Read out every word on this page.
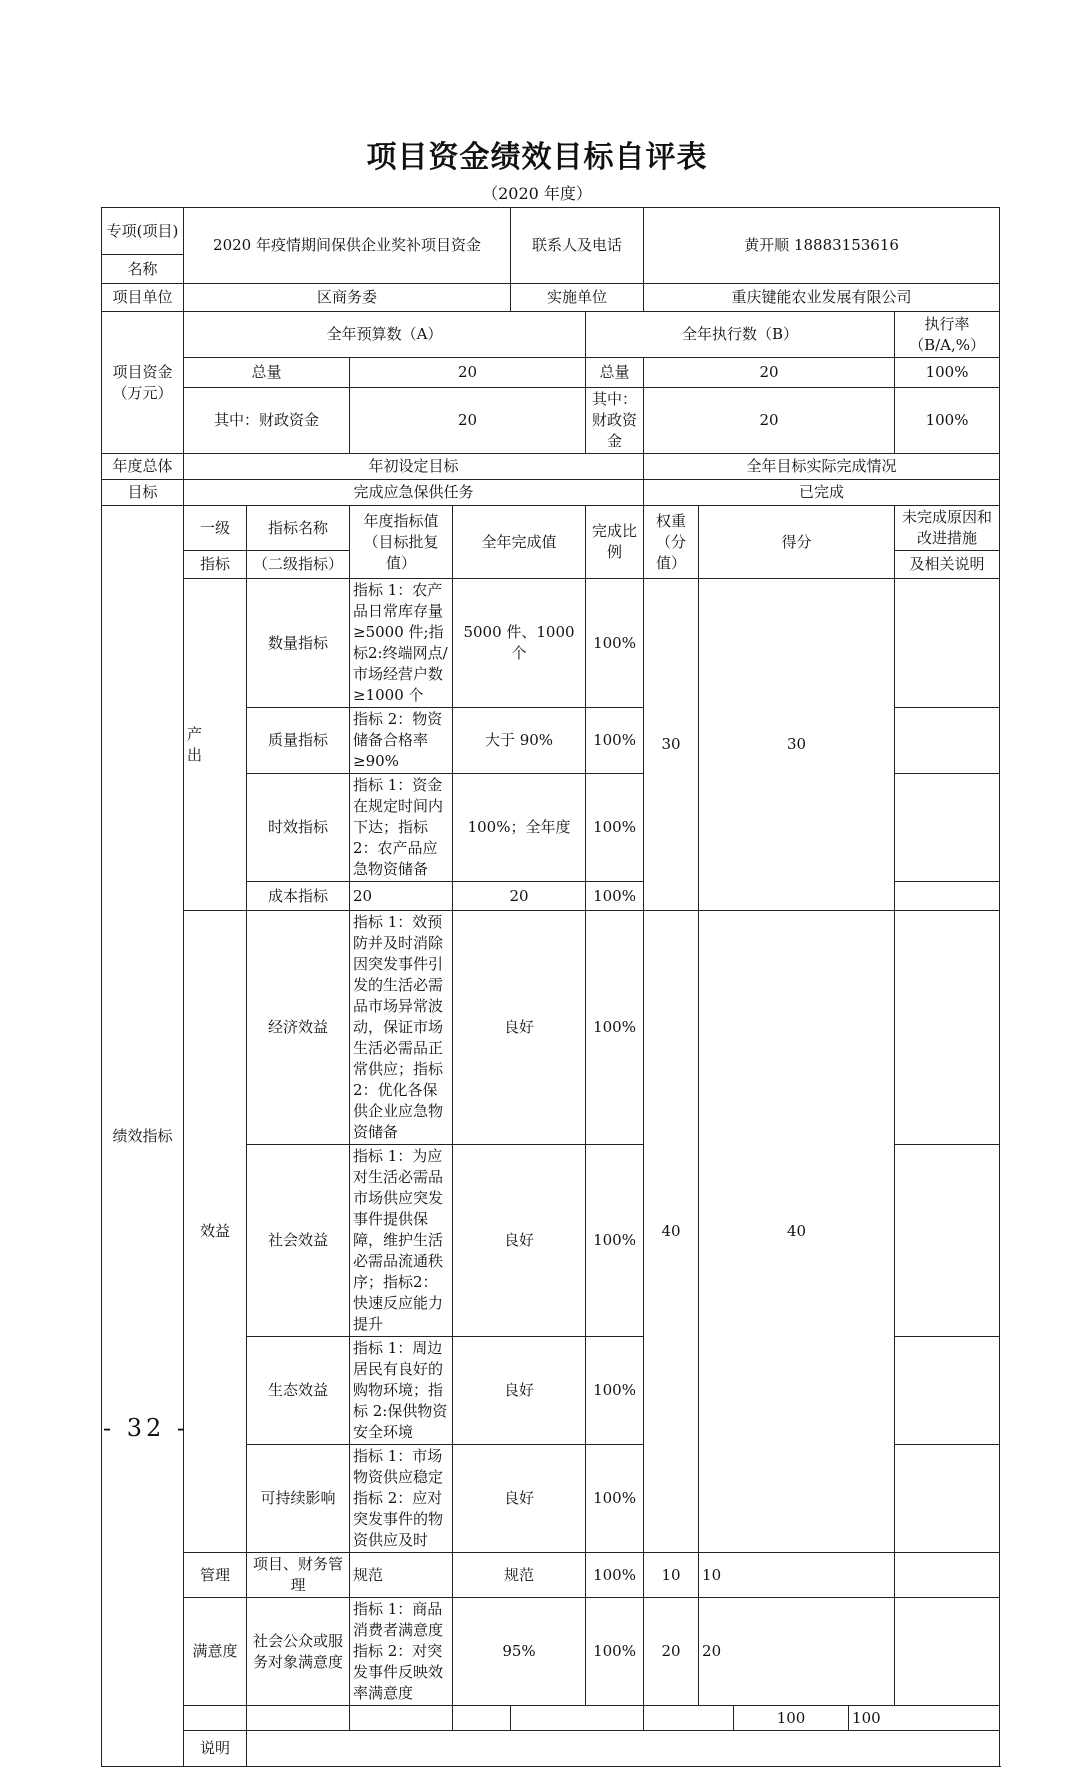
项目资金绩效目标自评表
（2020 年度）
专项(项目)	2020 年疫情期间保供企业奖补项目资金				联系人及电话		黄开顺 18883153616					
名称												
项目单位	区商务委				实施单位		重庆键能农业发展有限公司					
项目资金（万元）	全年预算数（A）					全年执行数（B）					执行率（B/A,%）	
	总量		20			总量	20				100%	
	其中：财政资金		20			其中：财政资金	20				100%	
年度总体	年初设定目标						全年目标实际完成情况					
目标	完成应急保供任务						已完成					
绩效指标	一级	指标名称	年度指标值（目标批复值）	全年完成值		完成比例	权重（分值）	得分			未完成原因和改进措施	
	指标	（二级指标）									及相关说明	
	产　　出	数量指标	指标 1：农产品日常库存量≥5000 件;指标2:终端网点/市场经营户数≥1000 个	5000 件、1000 个		100%	30	30				
		质量指标	指标 2：物资储备合格率≥90%	大于 90%		100%						
		时效指标	指标 1：资金在规定时间内下达；指标 2：农产品应急物资储备	100%；全年度		100%						
		成本指标	20	20		100%						
	效益	经济效益	指标 1：效预防并及时消除因突发事件引发的生活必需品市场异常波动，保证市场生活必需品正常供应；指标2：优化各保供企业应急物资储备	良好		100%	40	40				
		社会效益	指标 1：为应对生活必需品市场供应突发事件提供保障，维护生活必需品流通秩序；指标2：快速反应能力提升	良好		100%						
		生态效益	指标 1：周边居民有良好的购物环境；指标 2:保供物资安全环境	良好		100%						
		可持续影响	指标 1：市场物资供应稳定指标 2：应对突发事件的物资供应及时	良好		100%						
	管理	项目、财务管理	规范	规范		100%	10	10				
	满意度	社会公众或服务对象满意度	指标 1：商品消费者满意度指标 2：对突发事件反映效率满意度	95%		100%	20	20				
									100	100		
	说明											
- 32 -
